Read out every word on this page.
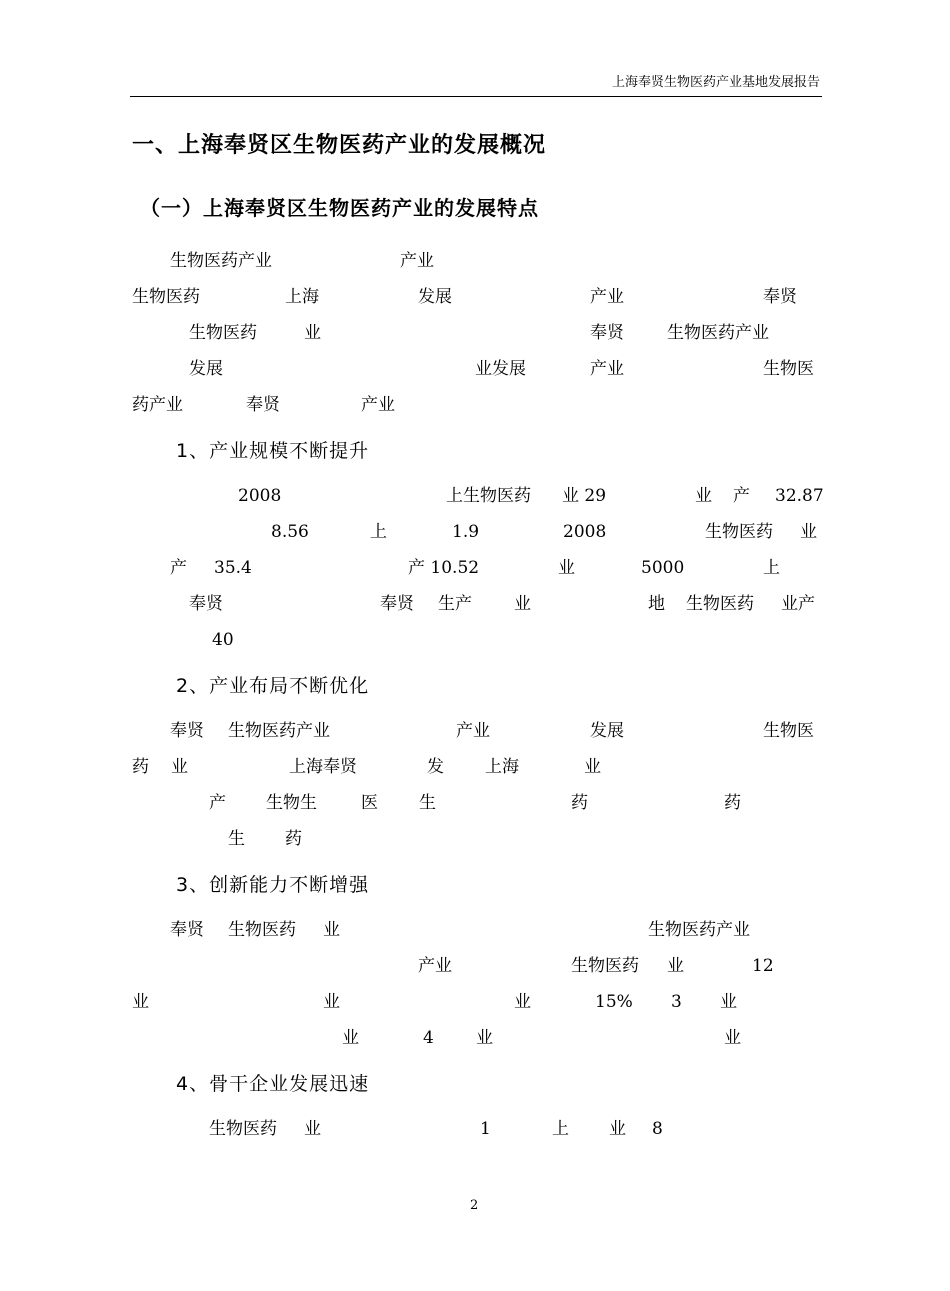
上海奉贤生物医药产业基地发展报告
一、上海奉贤区生物医药产业的发展概况
（一）上海奉贤区生物医药产业的发展特点
生物医药产业	产业
生物医药	上海	发展	产业	奉贤
生物医药	业	奉贤	生物医药产业
发展	业发展	产业	生物医
药产业	奉贤	产业
1、产业规模不断提升
2008	上生物医药 业 29	业 产 32.87
8.56	上	1.9	2008	生物医药 业
产 35.4	产 10.52	业	5000	上
奉贤	奉贤 生产 业	地 生物医药 业产
40
2、产业布局不断优化
奉贤 生物医药产业	产业	发展	生物医
药 业	上海奉贤	发 上海	业
产 生物生	医 生	药	药
生 药
3、创新能力不断增强
奉贤 生物医药 业	生物医药产业
产业	生物医药 业	12
业	业	业	15% 3 业
业	4 业	业
4、骨干企业发展迅速
生物医药 业	1	上 业 8
2
